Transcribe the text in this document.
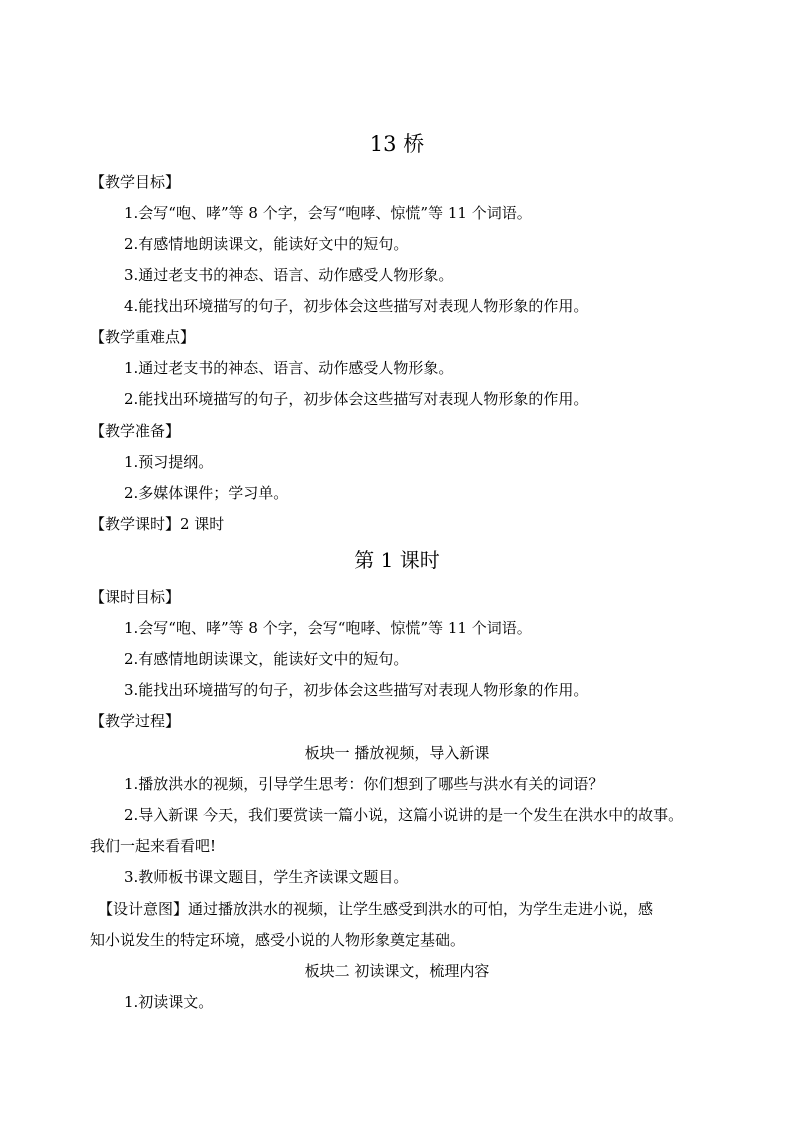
13 桥
【教学目标】
1.会写“咆、哮”等 8 个字，会写“咆哮、惊慌”等 11 个词语。
2.有感情地朗读课文，能读好文中的短句。
3.通过老支书的神态、语言、动作感受人物形象。
4.能找出环境描写的句子，初步体会这些描写对表现人物形象的作用。
【教学重难点】
1.通过老支书的神态、语言、动作感受人物形象。
2.能找出环境描写的句子，初步体会这些描写对表现人物形象的作用。
【教学准备】
1.预习提纲。
2.多媒体课件；学习单。
【教学课时】2 课时
第 1 课时
【课时目标】
1.会写“咆、哮”等 8 个字，会写“咆哮、惊慌”等 11 个词语。
2.有感情地朗读课文，能读好文中的短句。
3.能找出环境描写的句子，初步体会这些描写对表现人物形象的作用。
【教学过程】
板块一 播放视频，导入新课
1.播放洪水的视频，引导学生思考：你们想到了哪些与洪水有关的词语？
2.导入新课 今天，我们要赏读一篇小说，这篇小说讲的是一个发生在洪水中的故事。
我们一起来看看吧!
3.教师板书课文题目，学生齐读课文题目。
【设计意图】通过播放洪水的视频，让学生感受到洪水的可怕，为学生走进小说，感
知小说发生的特定环境，感受小说的人物形象奠定基础。
板块二 初读课文，梳理内容
1.初读课文。
